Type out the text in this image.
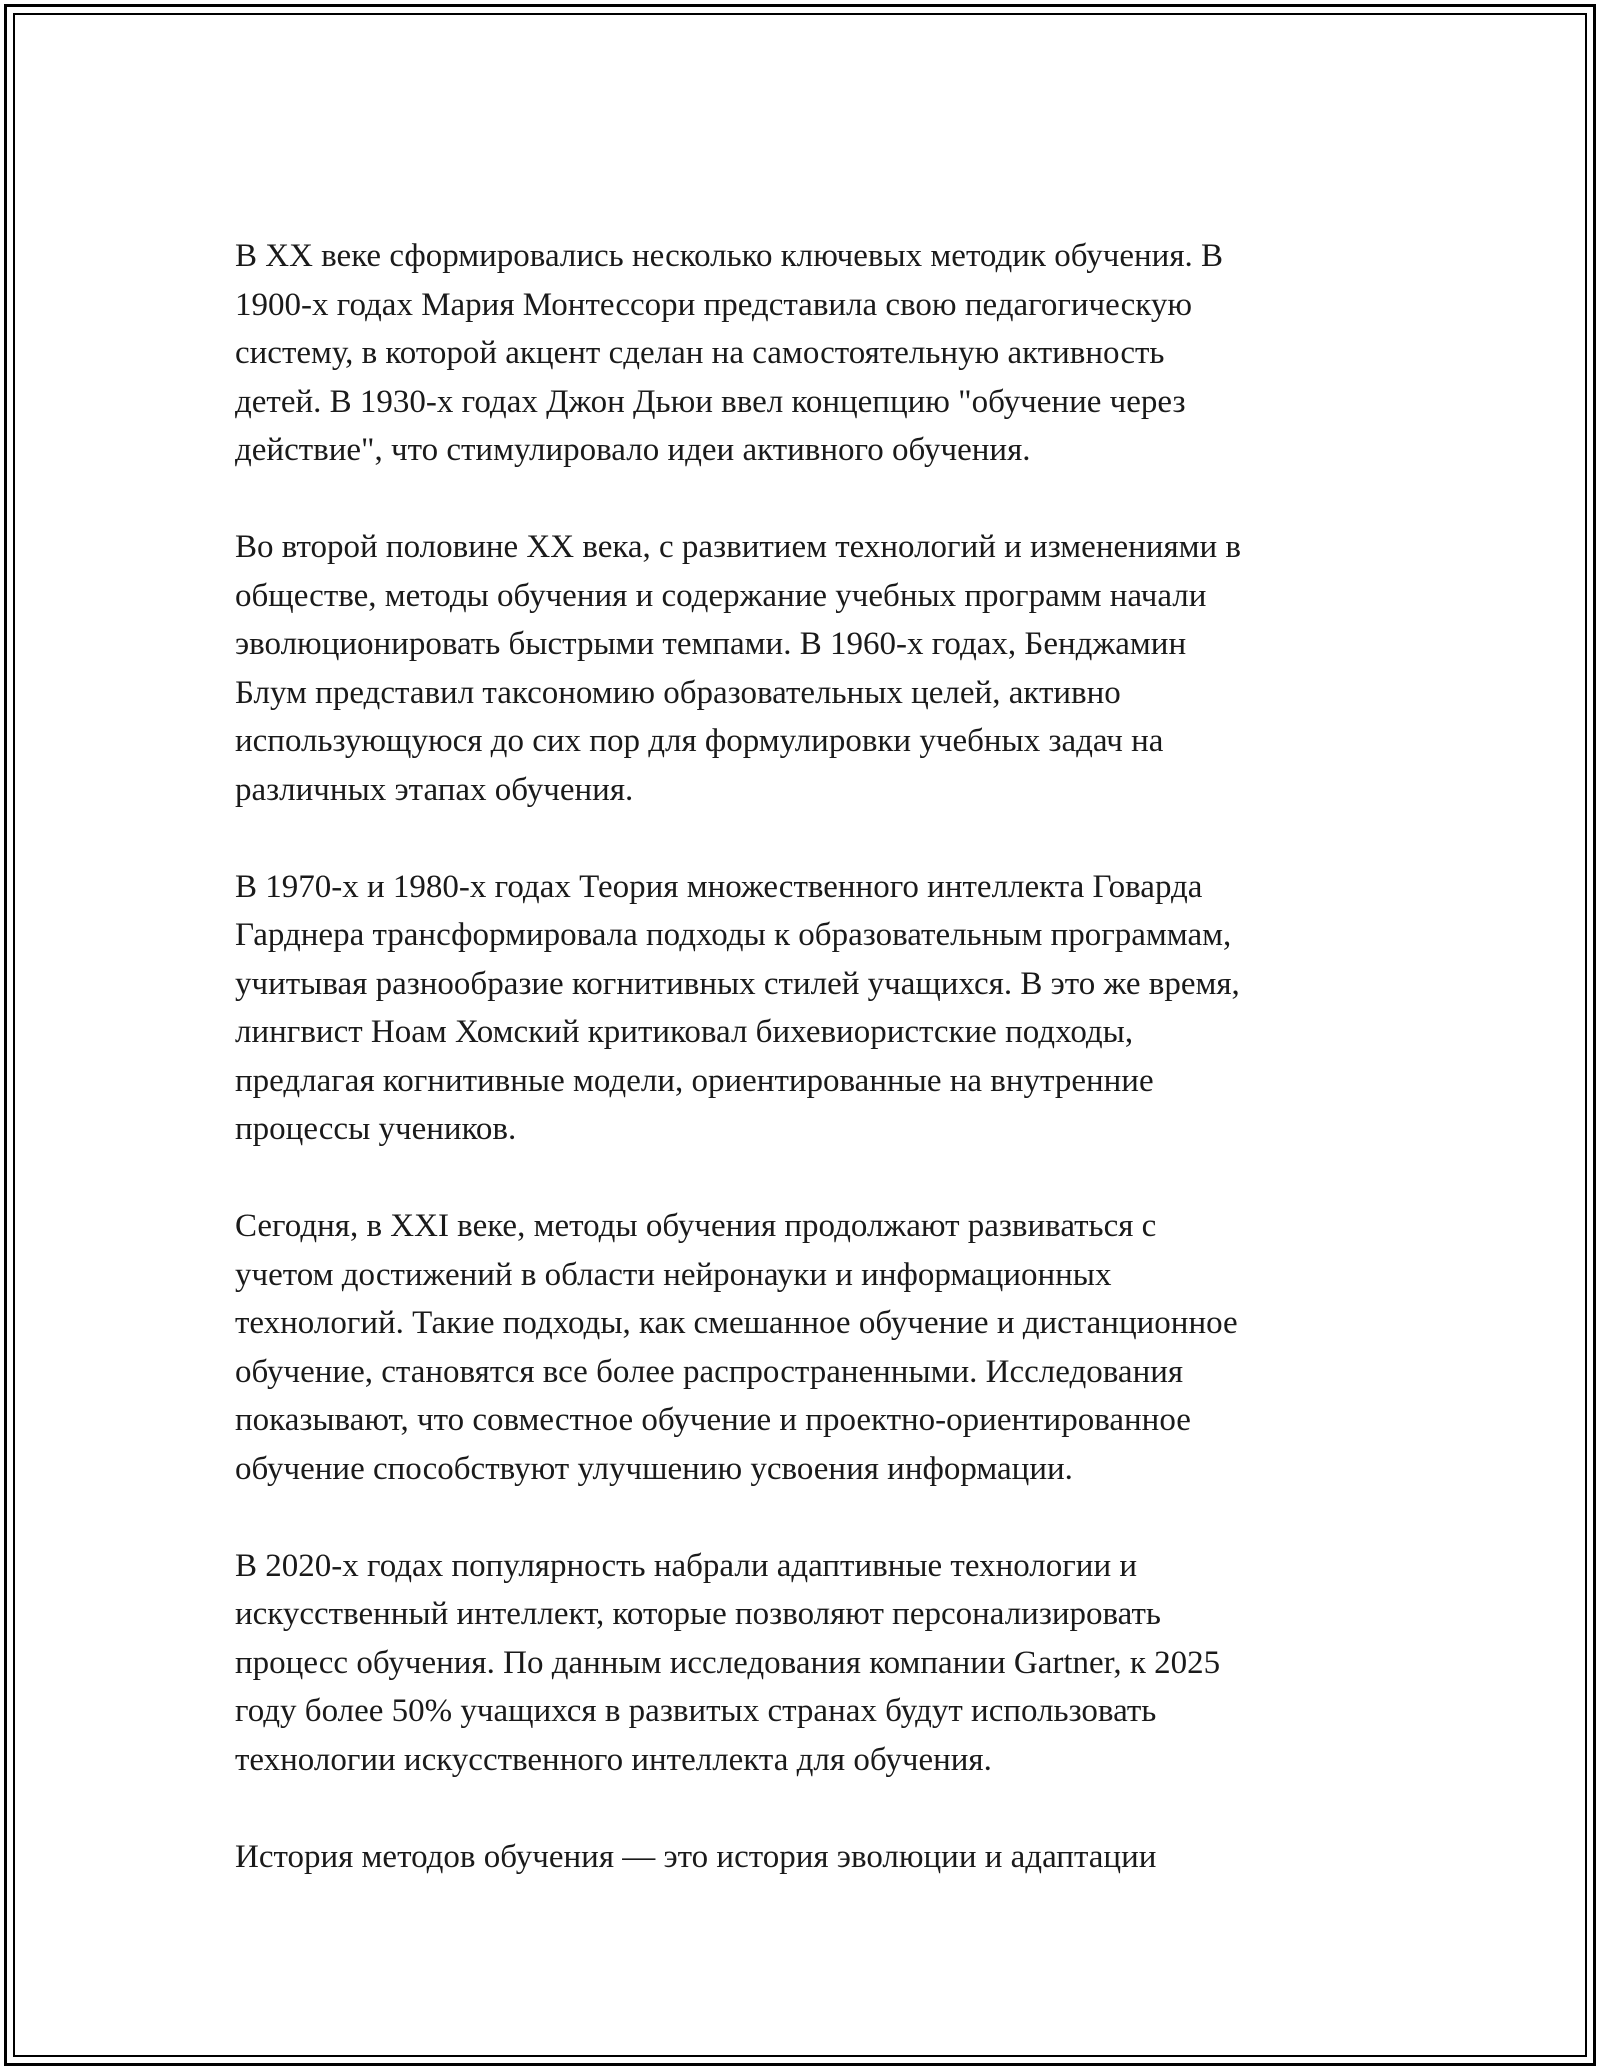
В XX веке сформировались несколько ключевых методик обучения. В
1900-х годах Мария Монтессори представила свою педагогическую
систему, в которой акцент сделан на самостоятельную активность
детей. В 1930-х годах Джон Дьюи ввел концепцию "обучение через
действие", что стимулировало идеи активного обучения.

Во второй половине XX века, с развитием технологий и изменениями в
обществе, методы обучения и содержание учебных программ начали
эволюционировать быстрыми темпами. В 1960-х годах, Бенджамин
Блум представил таксономию образовательных целей, активно
использующуюся до сих пор для формулировки учебных задач на
различных этапах обучения.

В 1970-х и 1980-х годах Теория множественного интеллекта Говарда
Гарднера трансформировала подходы к образовательным программам,
учитывая разнообразие когнитивных стилей учащихся. В это же время,
лингвист Ноам Хомский критиковал бихевиористские подходы,
предлагая когнитивные модели, ориентированные на внутренние
процессы учеников.

Сегодня, в XXI веке, методы обучения продолжают развиваться с
учетом достижений в области нейронауки и информационных
технологий. Такие подходы, как смешанное обучение и дистанционное
обучение, становятся все более распространенными. Исследования
показывают, что совместное обучение и проектно-ориентированное
обучение способствуют улучшению усвоения информации.

В 2020-х годах популярность набрали адаптивные технологии и
искусственный интеллект, которые позволяют персонализировать
процесс обучения. По данным исследования компании Gartner, к 2025
году более 50% учащихся в развитых странах будут использовать
технологии искусственного интеллекта для обучения.

История методов обучения — это история эволюции и адаптации
